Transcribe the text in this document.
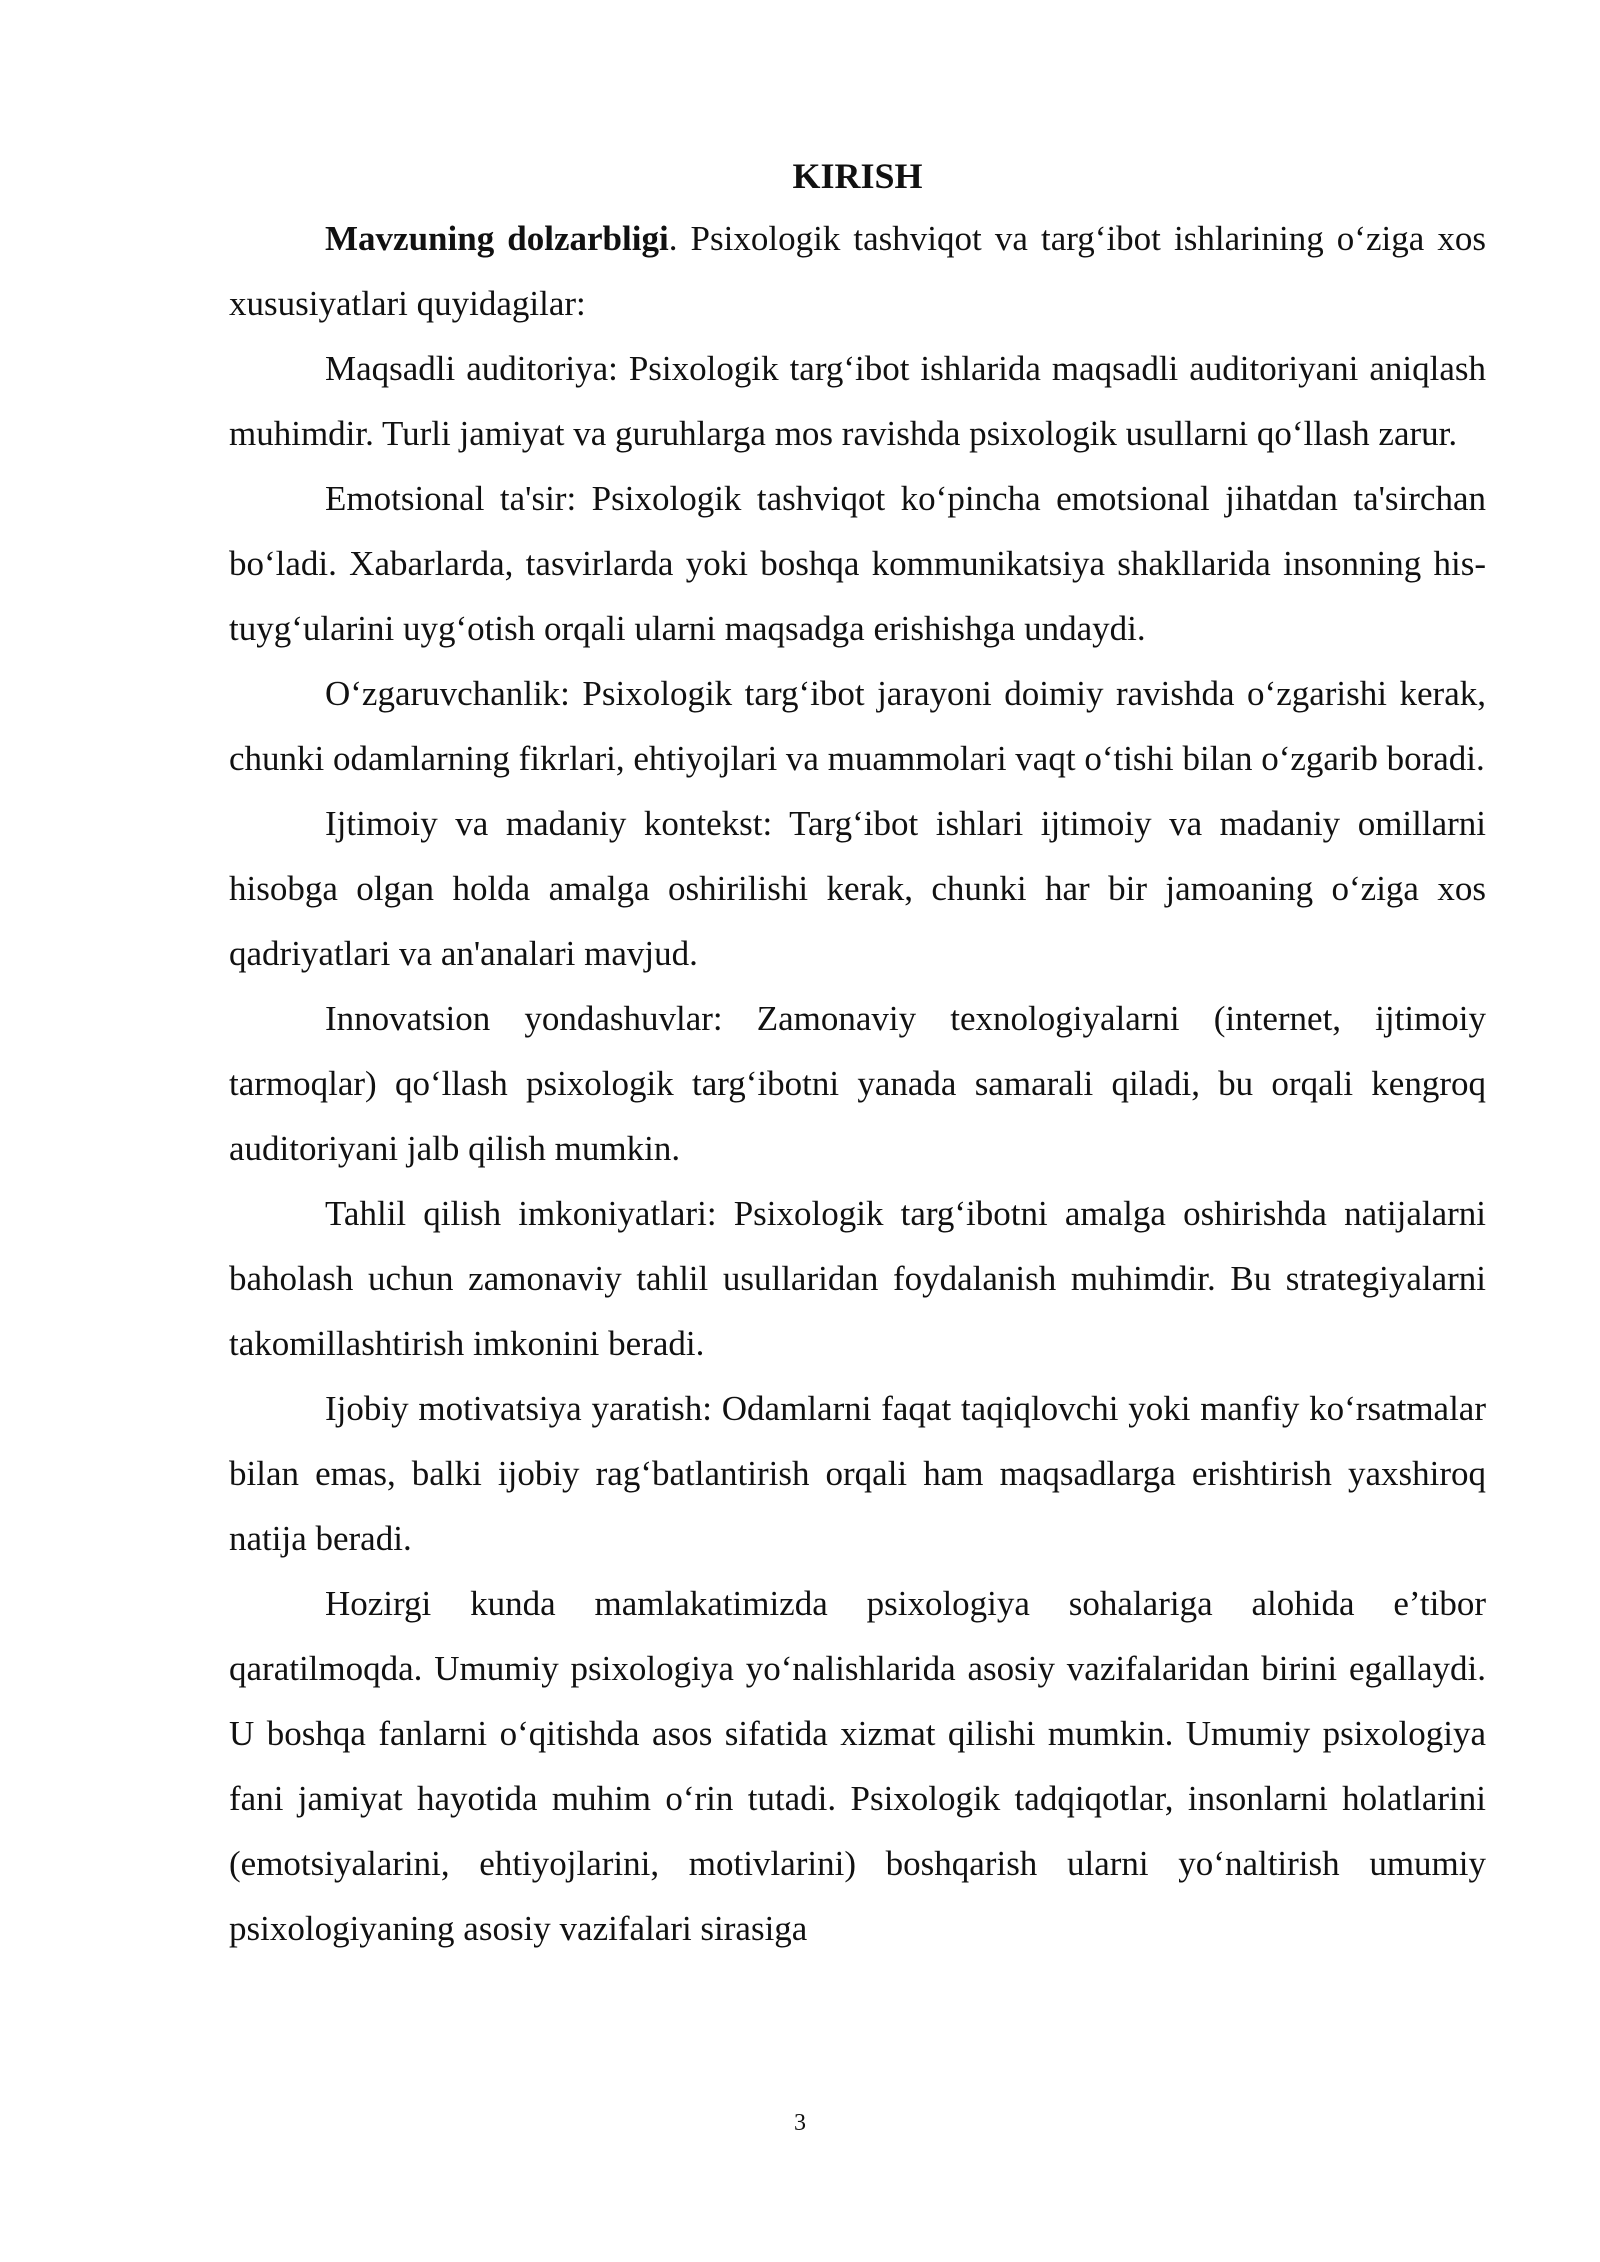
KIRISH

Mavzuning dolzarbligi. Psixologik tashviqot va targ‘ibot ishlarining o‘ziga xos xususiyatlari quyidagilar:

Maqsadli auditoriya: Psixologik targ‘ibot ishlarida maqsadli auditoriyani aniqlash muhimdir. Turli jamiyat va guruhlarga mos ravishda psixologik usullarni qo‘llash zarur.

Emotsional ta'sir: Psixologik tashviqot ko‘pincha emotsional jihatdan ta'sirchan bo‘ladi. Xabarlarda, tasvirlarda yoki boshqa kommunikatsiya shakllarida insonning his-tuyg‘ularini uyg‘otish orqali ularni maqsadga erishishga undaydi.

O‘zgaruvchanlik: Psixologik targ‘ibot jarayoni doimiy ravishda o‘zgarishi kerak, chunki odamlarning fikrlari, ehtiyojlari va muammolari vaqt o‘tishi bilan o‘zgarib boradi.

Ijtimoiy va madaniy kontekst: Targ‘ibot ishlari ijtimoiy va madaniy omillarni hisobga olgan holda amalga oshirilishi kerak, chunki har bir jamoaning o‘ziga xos qadriyatlari va an'analari mavjud.

Innovatsion yondashuvlar: Zamonaviy texnologiyalarni (internet, ijtimoiy tarmoqlar) qo‘llash psixologik targ‘ibotni yanada samarali qiladi, bu orqali kengroq auditoriyani jalb qilish mumkin.

Tahlil qilish imkoniyatlari: Psixologik targ‘ibotni amalga oshirishda natijalarni baholash uchun zamonaviy tahlil usullaridan foydalanish muhimdir. Bu strategiyalarni takomillashtirish imkonini beradi.

Ijobiy motivatsiya yaratish: Odamlarni faqat taqiqlovchi yoki manfiy ko‘rsatmalar bilan emas, balki ijobiy rag‘batlantirish orqali ham maqsadlarga erishtirish yaxshiroq natija beradi.

Hozirgi kunda mamlakatimizda psixologiya sohalariga alohida e’tibor qaratilmoqda. Umumiy psixologiya yo‘nalishlarida asosiy vazifalaridan birini egallaydi. U boshqa fanlarni o‘qitishda asos sifatida xizmat qilishi mumkin. Umumiy psixologiya fani jamiyat hayotida muhim o‘rin tutadi. Psixologik tadqiqotlar, insonlarni holatlarini (emotsiyalarini, ehtiyojlarini, motivlarini) boshqarish ularni yo‘naltirish umumiy psixologiyaning asosiy vazifalari sirasiga

3
